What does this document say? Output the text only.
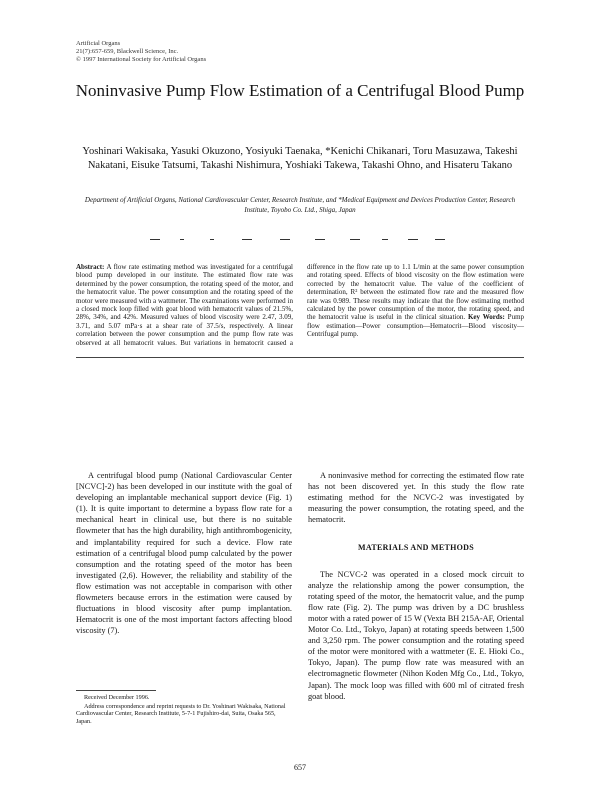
Artificial Organs
21(7):657-659, Blackwell Science, Inc.
© 1997 International Society for Artificial Organs
Noninvasive Pump Flow Estimation of a Centrifugal Blood Pump
Yoshinari Wakisaka, Yasuki Okuzono, Yosiyuki Taenaka, *Kenichi Chikanari, Toru Masuzawa, Takeshi Nakatani, Eisuke Tatsumi, Takashi Nishimura, Yoshiaki Takewa, Takashi Ohno, and Hisateru Takano
Department of Artificial Organs, National Cardiovascular Center, Research Institute, and *Medical Equipment and Devices Production Center, Research Institute, Toyobo Co. Ltd., Shiga, Japan
Abstract: A flow rate estimating method was investigated for a centrifugal blood pump developed in our institute. The estimated flow rate was determined by the power consumption, the rotating speed of the motor, and the hematocrit value. The power consumption and the rotating speed of the motor were measured with a wattmeter. The examinations were performed in a closed mock loop filled with goat blood with hematocrit values of 21.5%, 28%, 34%, and 42%. Measured values of blood viscosity were 2.47, 3.09, 3.71, and 5.07 mPa·s at a shear rate of 37.5/s, respectively. A linear correlation between the power consumption and the pump flow rate was observed at all hematocrit values. But variations in hematocrit caused a difference in the flow rate up to 1.1 L/min at the same power consumption and rotating speed. Effects of blood viscosity on the flow estimation were corrected by the hematocrit value. The value of the coefficient of determination, R² between the estimated flow rate and the measured flow rate was 0.989. These results may indicate that the flow estimating method calculated by the power consumption of the motor, the rotating speed, and the hematocrit value is useful in the clinical situation. Key Words: Pump flow estimation—Power consumption—Hematocrit—Blood viscosity—Centrifugal pump.

A centrifugal blood pump (National Cardiovascular Center [NCVC]-2) has been developed in our institute with the goal of developing an implantable mechanical support device (Fig. 1) (1). It is quite important to determine a bypass flow rate for a mechanical heart in clinical use, but there is no suitable flowmeter that has the high durability, high antithrombogenicity, and implantability required for such a device. Flow rate estimation of a centrifugal blood pump calculated by the power consumption and the rotating speed of the motor has been investigated (2,6). However, the reliability and stability of the flow estimation was not acceptable in comparison with other flowmeters because errors in the estimation were caused by fluctuations in blood viscosity after pump implantation. Hematocrit is one of the most important factors affecting blood viscosity (7).

A noninvasive method for correcting the estimated flow rate has not been discovered yet. In this study the flow rate estimating method for the NCVC-2 was investigated by measuring the power consumption, the rotating speed, and the hematocrit.

MATERIALS AND METHODS

The NCVC-2 was operated in a closed mock circuit to analyze the relationship among the power consumption, the rotating speed of the motor, the hematocrit value, and the pump flow rate (Fig. 2). The pump was driven by a DC brushless motor with a rated power of 15 W (Vexta BH 215A-AF, Oriental Motor Co. Ltd., Tokyo, Japan) at rotating speeds between 1,500 and 3,250 rpm. The power consumption and the rotating speed of the motor were monitored with a wattmeter (E. E. Hioki Co., Tokyo, Japan). The pump flow rate was measured with an electromagnetic flowmeter (Nihon Koden Mfg Co., Ltd., Tokyo, Japan). The mock loop was filled with 600 ml of citrated fresh goat blood.

Received December 1996.

Address correspondence and reprint requests to Dr. Yoshinari Wakisaka, National Cardiovascular Center, Research Institute, 5-7-1 Fujishiro-dai, Suita, Osaka 565, Japan.

657
